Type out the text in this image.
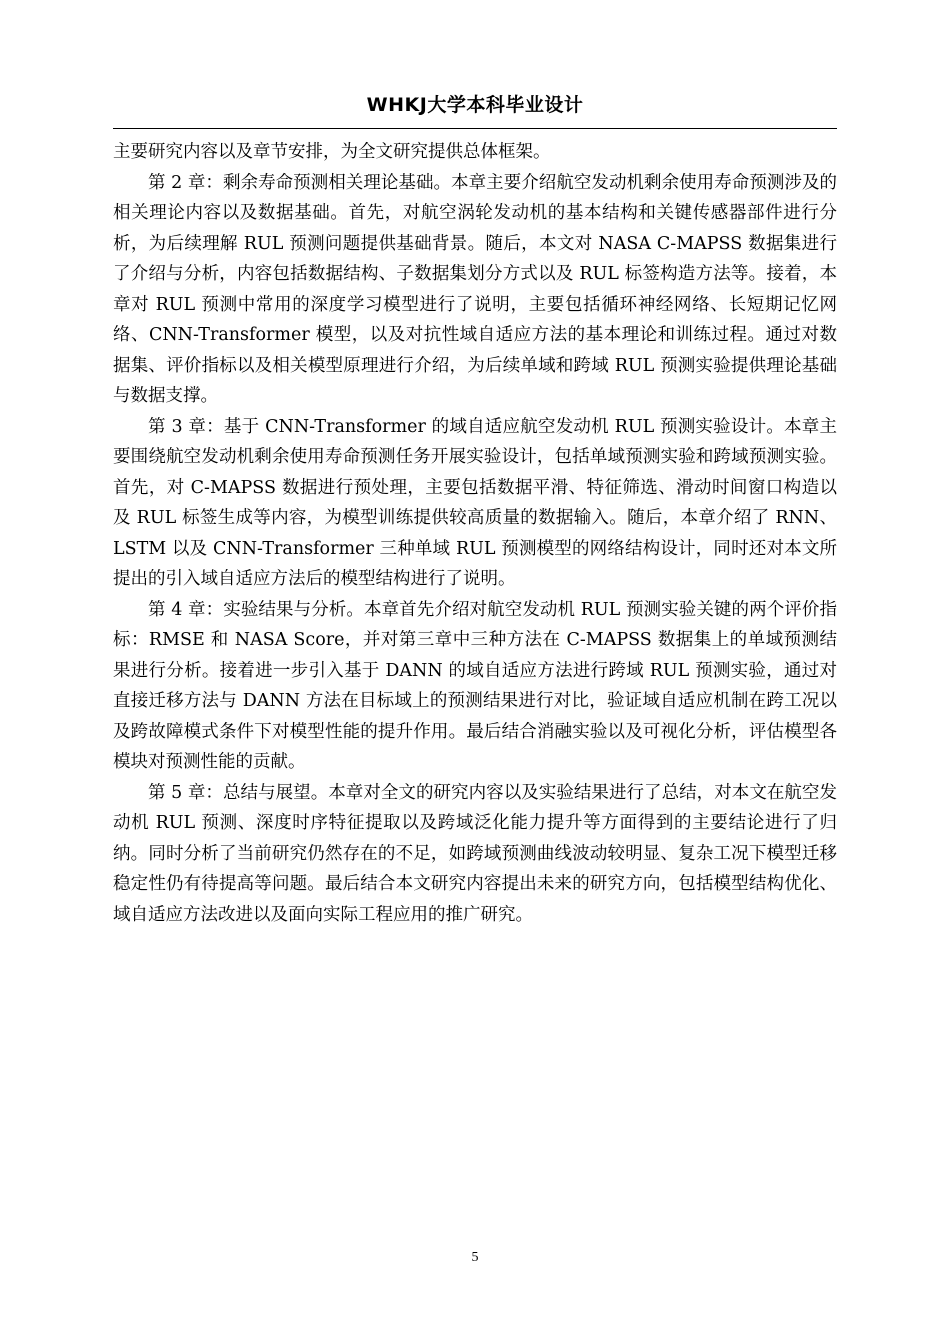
WHKJ大学本科毕业设计

主要研究内容以及章节安排，为全文研究提供总体框架。

第 2 章：剩余寿命预测相关理论基础。本章主要介绍航空发动机剩余使用寿命预测涉及的相关理论内容以及数据基础。首先，对航空涡轮发动机的基本结构和关键传感器部件进行分析，为后续理解 RUL 预测问题提供基础背景。随后，本文对 NASA C-MAPSS 数据集进行了介绍与分析，内容包括数据结构、子数据集划分方式以及 RUL 标签构造方法等。接着，本章对 RUL 预测中常用的深度学习模型进行了说明，主要包括循环神经网络、长短期记忆网络、CNN-Transformer 模型，以及对抗性域自适应方法的基本理论和训练过程。通过对数据集、评价指标以及相关模型原理进行介绍，为后续单域和跨域 RUL 预测实验提供理论基础与数据支撑。

第 3 章：基于 CNN-Transformer 的域自适应航空发动机 RUL 预测实验设计。本章主要围绕航空发动机剩余使用寿命预测任务开展实验设计，包括单域预测实验和跨域预测实验。首先，对 C-MAPSS 数据进行预处理，主要包括数据平滑、特征筛选、滑动时间窗口构造以及 RUL 标签生成等内容，为模型训练提供较高质量的数据输入。随后，本章介绍了 RNN、LSTM 以及 CNN-Transformer 三种单域 RUL 预测模型的网络结构设计，同时还对本文所提出的引入域自适应方法后的模型结构进行了说明。

第 4 章：实验结果与分析。本章首先介绍对航空发动机 RUL 预测实验关键的两个评价指标：RMSE 和 NASA Score，并对第三章中三种方法在 C-MAPSS 数据集上的单域预测结果进行分析。接着进一步引入基于 DANN 的域自适应方法进行跨域 RUL 预测实验，通过对直接迁移方法与 DANN 方法在目标域上的预测结果进行对比，验证域自适应机制在跨工况以及跨故障模式条件下对模型性能的提升作用。最后结合消融实验以及可视化分析，评估模型各模块对预测性能的贡献。

第 5 章：总结与展望。本章对全文的研究内容以及实验结果进行了总结，对本文在航空发动机 RUL 预测、深度时序特征提取以及跨域泛化能力提升等方面得到的主要结论进行了归纳。同时分析了当前研究仍然存在的不足，如跨域预测曲线波动较明显、复杂工况下模型迁移稳定性仍有待提高等问题。最后结合本文研究内容提出未来的研究方向，包括模型结构优化、域自适应方法改进以及面向实际工程应用的推广研究。

5
